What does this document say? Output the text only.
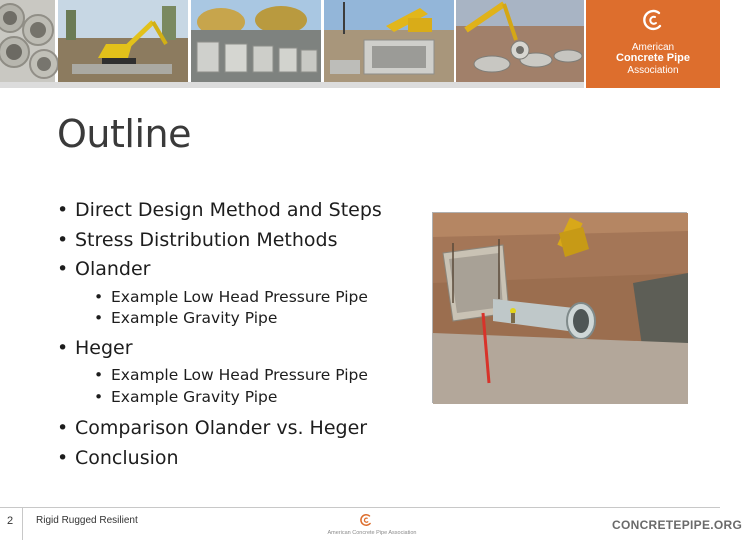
American
Concrete Pipe
Association
Outline
• Direct Design Method and Steps
• Stress Distribution Methods
• Olander
• Example Low Head Pressure Pipe
• Example Gravity Pipe
• Heger
• Example Low Head Pressure Pipe
• Example Gravity Pipe
• Comparison Olander vs. Heger
• Conclusion
2	Rigid Rugged Resilient
American Concrete Pipe Association
CONCRETEPIPE.ORG
